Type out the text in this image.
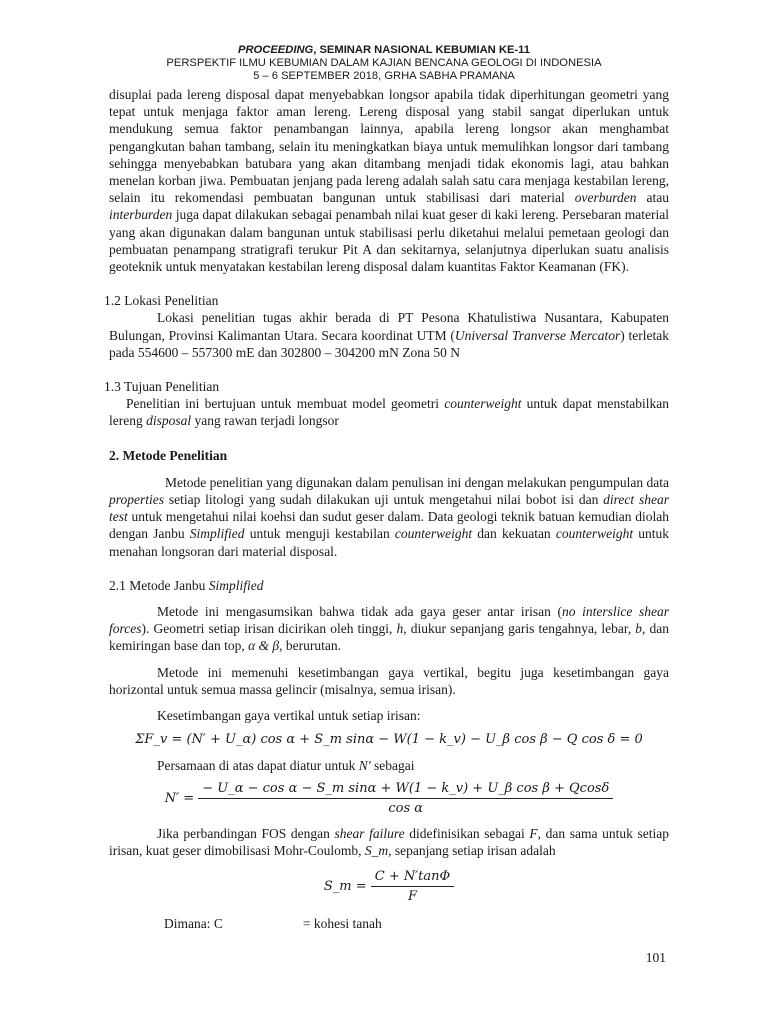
PROCEEDING, SEMINAR NASIONAL KEBUMIAN KE-11
PERSPEKTIF ILMU KEBUMIAN DALAM KAJIAN BENCANA GEOLOGI DI INDONESIA
5 – 6 SEPTEMBER 2018, GRHA SABHA PRAMANA

disuplai pada lereng disposal dapat menyebabkan longsor apabila tidak diperhitungan geometri yang tepat untuk menjaga faktor aman lereng. Lereng disposal yang stabil sangat diperlukan untuk mendukung semua faktor penambangan lainnya, apabila lereng longsor akan menghambat pengangkutan bahan tambang, selain itu meningkatkan biaya untuk memulihkan longsor dari tambang sehingga menyebabkan batubara yang akan ditambang menjadi tidak ekonomis lagi, atau bahkan menelan korban jiwa. Pembuatan jenjang pada lereng adalah salah satu cara menjaga kestabilan lereng, selain itu rekomendasi pembuatan bangunan untuk stabilisasi dari material overburden atau interburden juga dapat dilakukan sebagai penambah nilai kuat geser di kaki lereng. Persebaran material yang akan digunakan dalam bangunan untuk stabilisasi perlu diketahui melalui pemetaan geologi dan pembuatan penampang stratigrafi terukur Pit A dan sekitarnya, selanjutnya diperlukan suatu analisis geoteknik untuk menyatakan kestabilan lereng disposal dalam kuantitas Faktor Keamanan (FK).

1.2 Lokasi Penelitian

Lokasi penelitian tugas akhir berada di PT Pesona Khatulistiwa Nusantara, Kabupaten Bulungan, Provinsi Kalimantan Utara. Secara koordinat UTM (Universal Tranverse Mercator) terletak pada 554600 – 557300 mE dan 302800 – 304200 mN Zona 50 N

1.3 Tujuan Penelitian

Penelitian ini bertujuan untuk membuat model geometri counterweight untuk dapat menstabilkan lereng disposal yang rawan terjadi longsor

2. Metode Penelitian

Metode penelitian yang digunakan dalam penulisan ini dengan melakukan pengumpulan data properties setiap litologi yang sudah dilakukan uji untuk mengetahui nilai bobot isi dan direct shear test untuk mengetahui nilai koehsi dan sudut geser dalam. Data geologi teknik batuan kemudian diolah dengan Janbu Simplified untuk menguji kestabilan counterweight dan kekuatan counterweight untuk menahan longsoran dari material disposal.

2.1 Metode Janbu Simplified

Metode ini mengasumsikan bahwa tidak ada gaya geser antar irisan (no interslice shear forces). Geometri setiap irisan dicirikan oleh tinggi, h, diukur sepanjang garis tengahnya, lebar, b, dan kemiringan base dan top, α & β, berurutan.

Metode ini memenuhi kesetimbangan gaya vertikal, begitu juga kesetimbangan gaya horizontal untuk semua massa gelincir (misalnya, semua irisan).

Kesetimbangan gaya vertikal untuk setiap irisan:

ΣF_v = (N′ + U_α) cos α + S_m sinα − W(1 − k_v) − U_β cos β − Q cos δ = 0

Persamaan di atas dapat diatur untuk N′ sebagai

$N' = \frac{\text{− U\_α − cos α − S\_m sinα + W(1 − k\_v) + U\_β cos β + Qcosδ}}{\text{cos α}}$

Jika perbandingan FOS dengan shear failure didefinisikan sebagai F, dan sama untuk setiap irisan, kuat geser dimobilisasi Mohr-Coulomb, S_m, sepanjang setiap irisan adalah

S_m = $\frac{C + N'\tan\Phi}{F}$

Dimana: C	= kohesi tanah

101
